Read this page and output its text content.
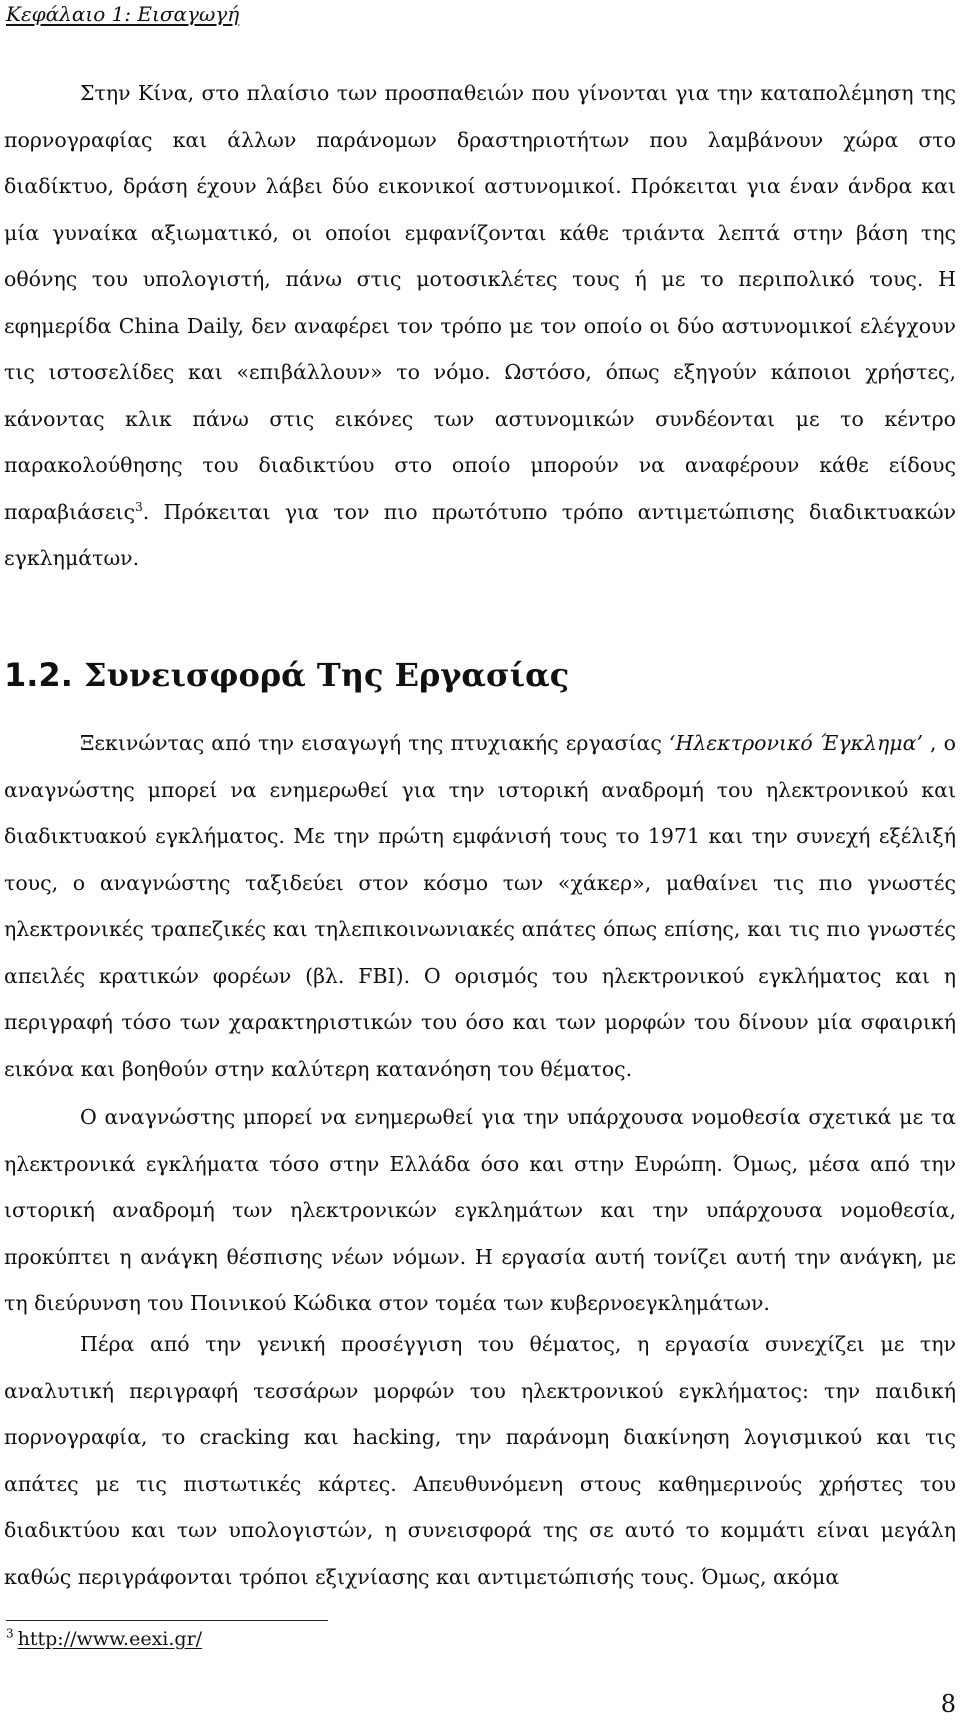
Κεφάλαιο 1: Εισαγωγή

Στην Κίνα, στο πλαίσιο των προσπαθειών που γίνονται για την καταπολέμηση της πορνογραφίας και άλλων παράνομων δραστηριοτήτων που λαμβάνουν χώρα στο διαδίκτυο, δράση έχουν λάβει δύο εικονικοί αστυνομικοί. Πρόκειται για έναν άνδρα και μία γυναίκα αξιωματικό, οι οποίοι εμφανίζονται κάθε τριάντα λεπτά στην βάση της οθόνης του υπολογιστή, πάνω στις μοτοσικλέτες τους ή με το περιπολικό τους. Η εφημερίδα China Daily, δεν αναφέρει τον τρόπο με τον οποίο οι δύο αστυνομικοί ελέγχουν τις ιστοσελίδες και «επιβάλλουν» το νόμο. Ωστόσο, όπως εξηγούν κάποιοι χρήστες, κάνοντας κλικ πάνω στις εικόνες των αστυνομικών συνδέονται με το κέντρο παρακολούθησης του διαδικτύου στο οποίο μπορούν να αναφέρουν κάθε είδους παραβιάσεις$^3$. Πρόκειται για τον πιο πρωτότυπο τρόπο αντιμετώπισης διαδικτυακών εγκλημάτων.

1.2. Συνεισφορά Της Εργασίας

Ξεκινώντας από την εισαγωγή της πτυχιακής εργασίας ‘Ηλεκτρονικό Έγκλημα’ , ο αναγνώστης μπορεί να ενημερωθεί για την ιστορική αναδρομή του ηλεκτρονικού και διαδικτυακού εγκλήματος. Με την πρώτη εμφάνισή τους το 1971 και την συνεχή εξέλιξή τους, ο αναγνώστης ταξιδεύει στον κόσμο των «χάκερ», μαθαίνει τις πιο γνωστές ηλεκτρονικές τραπεζικές και τηλεπικοινωνιακές απάτες όπως επίσης, και τις πιο γνωστές απειλές κρατικών φορέων (βλ. FBI). Ο ορισμός του ηλεκτρονικού εγκλήματος και η περιγραφή τόσο των χαρακτηριστικών του όσο και των μορφών του δίνουν μία σφαιρική εικόνα και βοηθούν στην καλύτερη κατανόηση του θέματος.

Ο αναγνώστης μπορεί να ενημερωθεί για την υπάρχουσα νομοθεσία σχετικά με τα ηλεκτρονικά εγκλήματα τόσο στην Ελλάδα όσο και στην Ευρώπη. Όμως, μέσα από την ιστορική αναδρομή των ηλεκτρονικών εγκλημάτων και την υπάρχουσα νομοθεσία, προκύπτει η ανάγκη θέσπισης νέων νόμων. Η εργασία αυτή τονίζει αυτή την ανάγκη, με τη διεύρυνση του Ποινικού Κώδικα στον τομέα των κυβερνοεγκλημάτων.

Πέρα από την γενική προσέγγιση του θέματος, η εργασία συνεχίζει με την αναλυτική περιγραφή τεσσάρων μορφών του ηλεκτρονικού εγκλήματος: την παιδική πορνογραφία, το cracking και hacking, την παράνομη διακίνηση λογισμικού και τις απάτες με τις πιστωτικές κάρτες. Απευθυνόμενη στους καθημερινούς χρήστες του διαδικτύου και των υπολογιστών, η συνεισφορά της σε αυτό το κομμάτι είναι μεγάλη καθώς περιγράφονται τρόποι εξιχνίασης και αντιμετώπισής τους. Όμως, ακόμα

$^3$ http://www.eexi.gr/
8
